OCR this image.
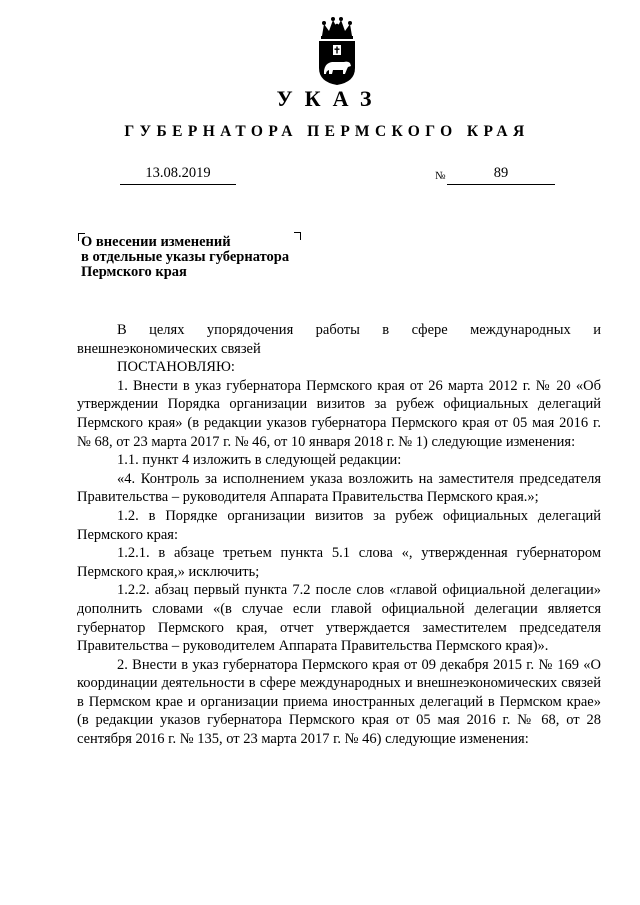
УКАЗ
ГУБЕРНАТОРА ПЕРМСКОГО КРАЯ
13.08.2019	№	89
О внесении изменений
в отдельные указы губернатора
Пермского края

В целях упорядочения работы в сфере международных и внешнеэкономических связей

ПОСТАНОВЛЯЮ:

1. Внести в указ губернатора Пермского края от 26 марта 2012 г. № 20 «Об утверждении Порядка организации визитов за рубеж официальных делегаций Пермского края» (в редакции указов губернатора Пермского края от 05 мая 2016 г. № 68, от 23 марта 2017 г. № 46, от 10 января 2018 г. № 1) следующие изменения:

1.1. пункт 4 изложить в следующей редакции:

«4. Контроль за исполнением указа возложить на заместителя председателя Правительства – руководителя Аппарата Правительства Пермского края.»;

1.2. в Порядке организации визитов за рубеж официальных делегаций Пермского края:

1.2.1. в абзаце третьем пункта 5.1 слова «, утвержденная губернатором Пермского края,» исключить;

1.2.2. абзац первый пункта 7.2 после слов «главой официальной делегации» дополнить словами «(в случае если главой официальной делегации является губернатор Пермского края, отчет утверждается заместителем председателя Правительства – руководителем Аппарата Правительства Пермского края)».

2. Внести в указ губернатора Пермского края от 09 декабря 2015 г. № 169 «О координации деятельности в сфере международных и внешнеэкономических связей в Пермском крае и организации приема иностранных делегаций в Пермском крае» (в редакции указов губернатора Пермского края от 05 мая 2016 г. № 68, от 28 сентября 2016 г. № 135, от 23 марта 2017 г. № 46) следующие изменения:
